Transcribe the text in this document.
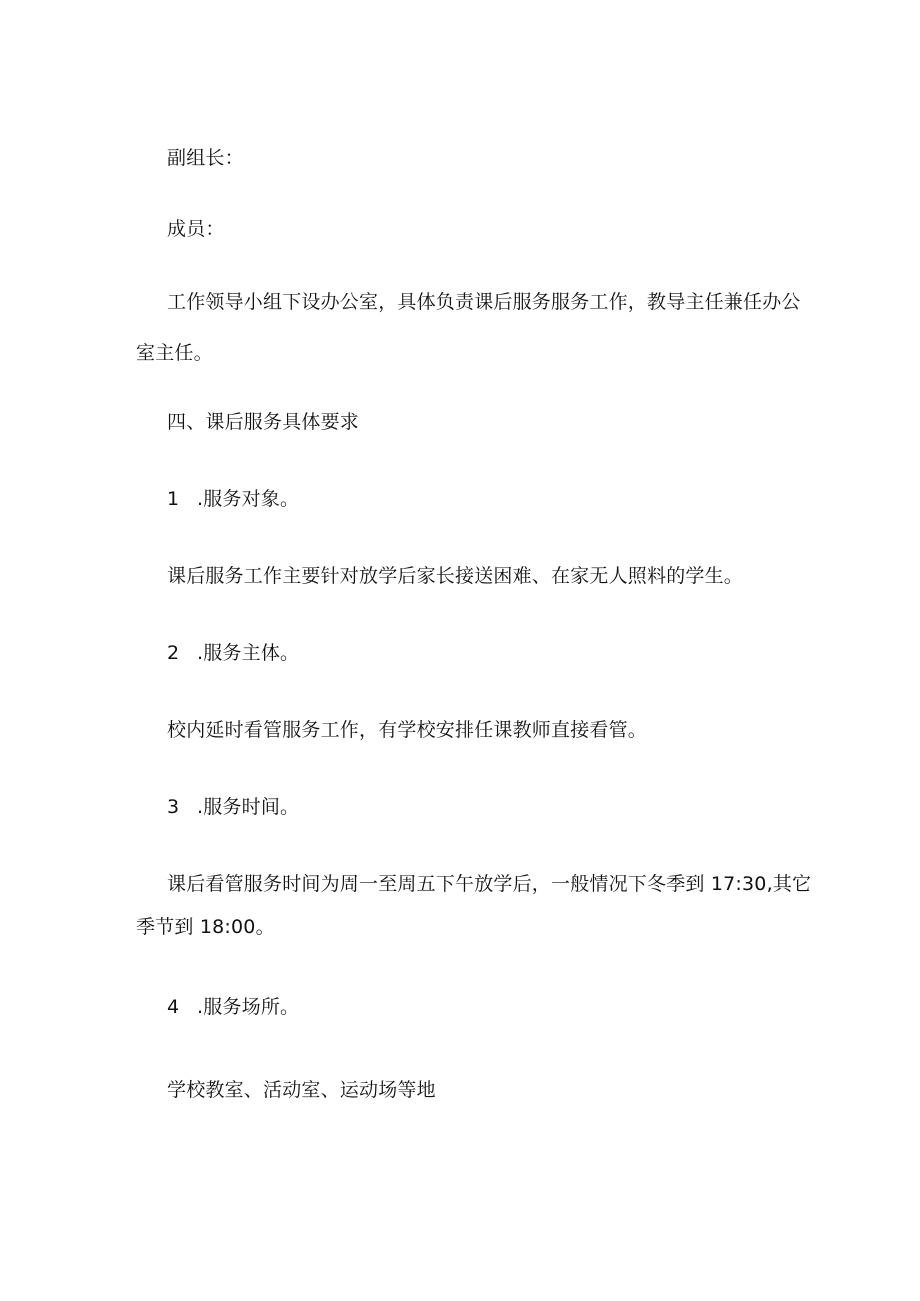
副组长：
成员：
工作领导小组下设办公室，具体负责课后服务服务工作，教导主任兼任办公
室主任。
四、课后服务具体要求
1 .服务对象。
课后服务工作主要针对放学后家长接送困难、在家无人照料的学生。
2 .服务主体。
校内延时看管服务工作，有学校安排任课教师直接看管。
3 .服务时间。
课后看管服务时间为周一至周五下午放学后，一般情况下冬季到 17:30,其它
季节到 18:00。
4 .服务场所。
学校教室、活动室、运动场等地
